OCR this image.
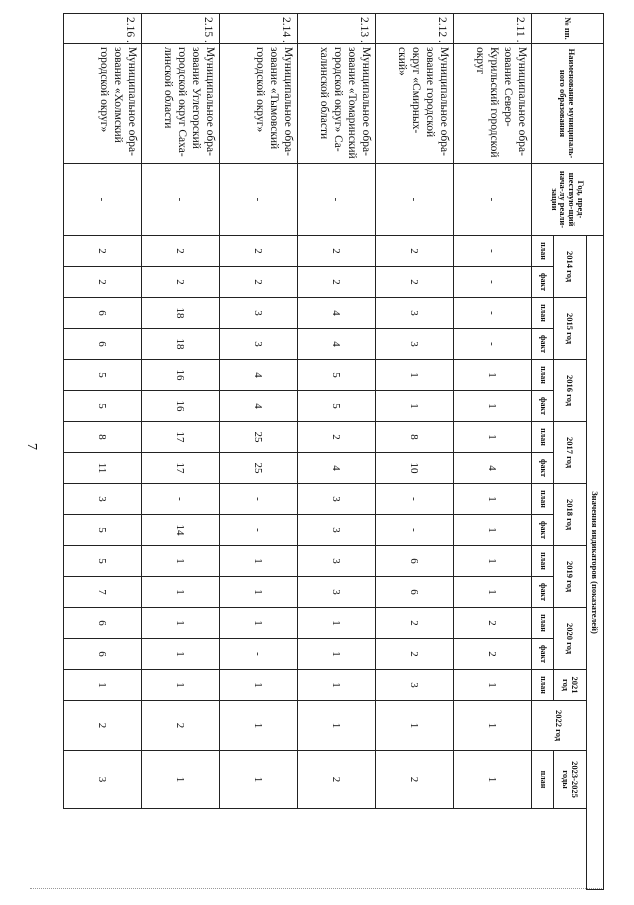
7
№ пп.	Наименование муниципаль-ного образования	Год, пред-шествую-щий нача-лу реали-зации	Значения индикаторов (показателей)																
			2014 год		2015 год		2016 год		2017 год		2018 год		2019 год		2020 год		2021 год	2022 год	2023-2025 годы
			план	факт	план	факт	план	факт	план	факт	план	факт	план	факт	план	факт	план		план
2.11 .	Муниципальное обра-зование Северо-Курильский городской округ	-	-	-	-	-	1	1	1	4	1	1	1	1	2	2	1	1	1
2.12 .	Муниципальное обра-зование городской округ «Смирных-ский»	-	2	2	3	3	1	1	8	10	-	-	6	6	2	2	3	1	2
2.13 .	Муниципальное обра-зование «Томаринский городской округ» Са-халинской области	-	2	2	4	4	5	5	2	4	3	3	3	3	1	1	1	1	2
2.14 .	Муниципальное обра-зование «Тымовский городской округ»	-	2	2	3	3	4	4	25	25	-	-	1	1	1	-	1	1	1
2.15 .	Муниципальное обра-зование Углегорский городской округ Саха-линской области	-	2	2	18	18	16	16	17	17	-	14	1	1	1	1	1	2	1
2.16 .	Муниципальное обра-зование «Холмский городской округ»	-	2	2	6	6	5	5	8	11	3	5	5	7	6	6	1	2	3
